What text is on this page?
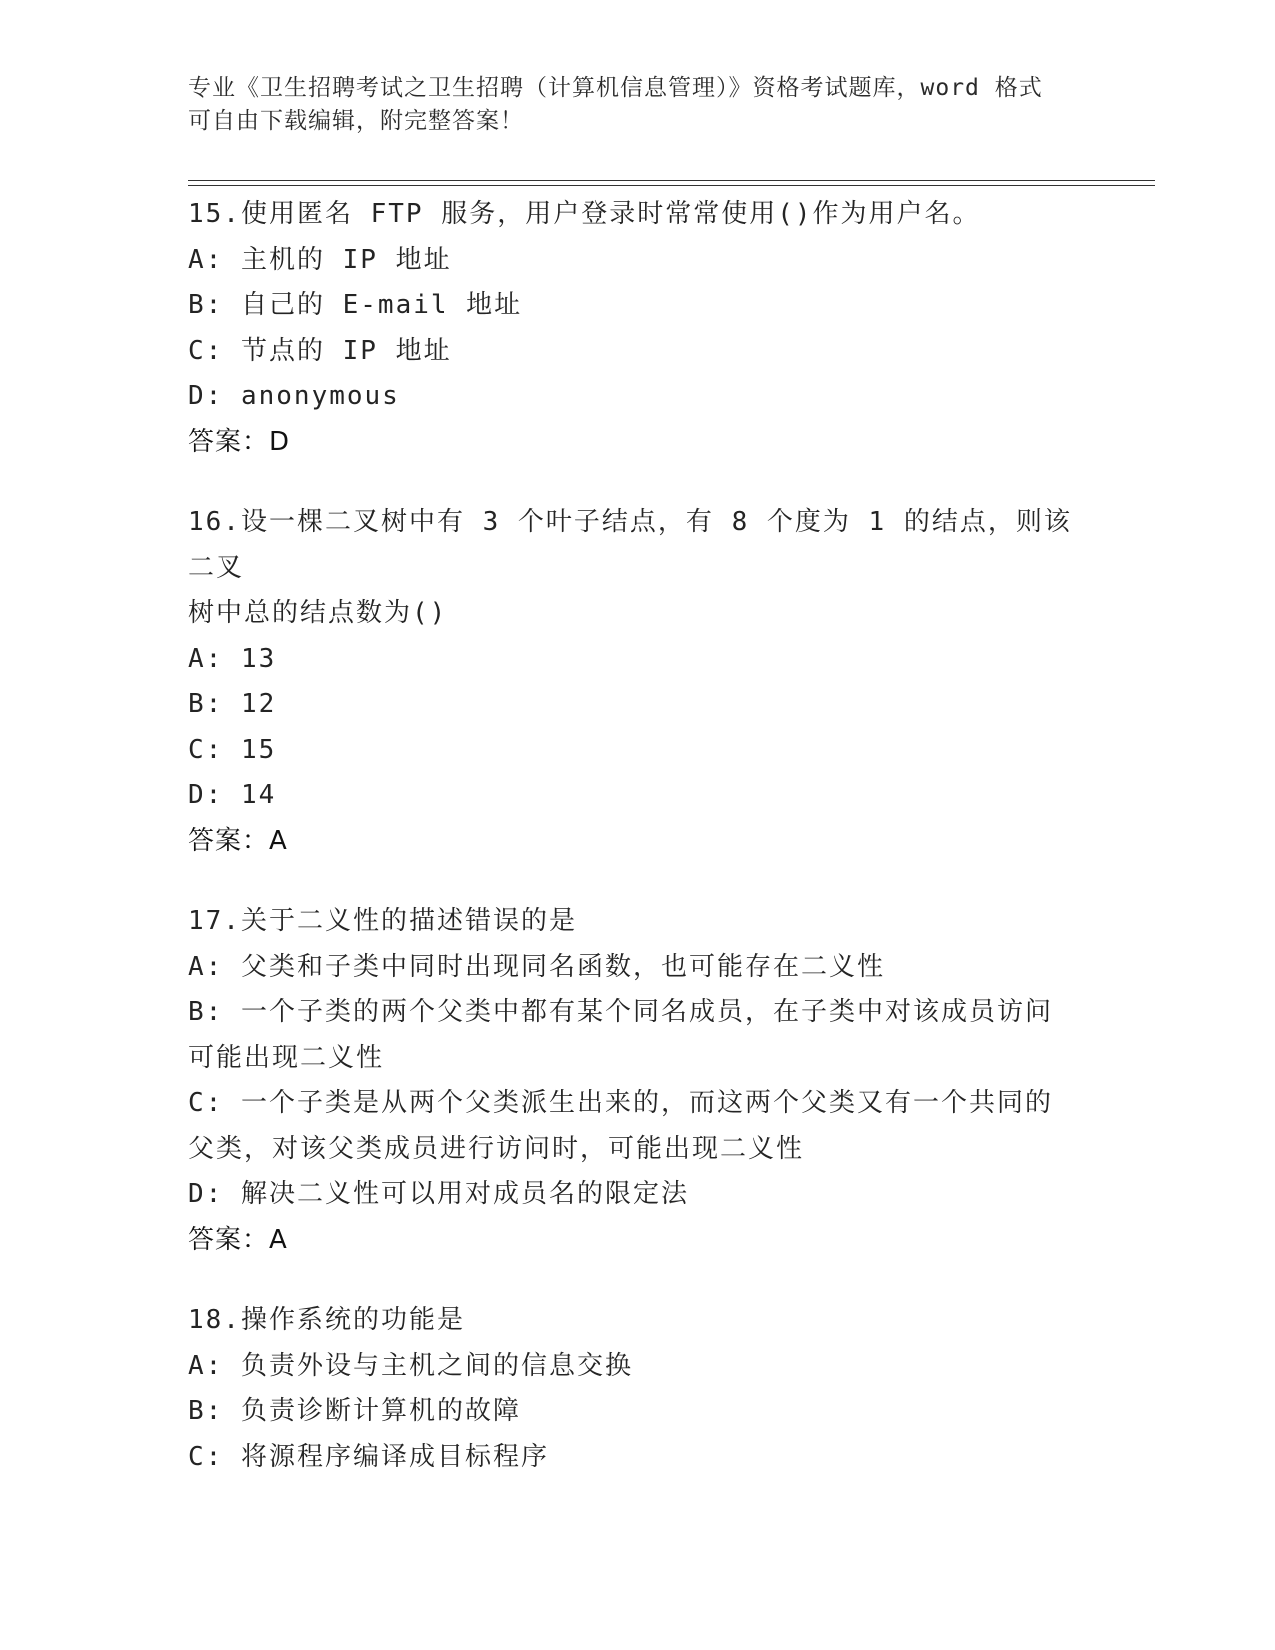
专业《卫生招聘考试之卫生招聘（计算机信息管理）》资格考试题库，word 格式
可自由下载编辑，附完整答案！
15.使用匿名 FTP 服务，用户登录时常常使用()作为用户名。
A: 主机的 IP 地址
B: 自己的 E-mail 地址
C: 节点的 IP 地址
D: anonymous
答案：D
16.设一棵二叉树中有 3 个叶子结点，有 8 个度为 1 的结点，则该二叉
树中总的结点数为()
A: 13
B: 12
C: 15
D: 14
答案：A
17.关于二义性的描述错误的是
A: 父类和子类中同时出现同名函数，也可能存在二义性
B: 一个子类的两个父类中都有某个同名成员，在子类中对该成员访问
可能出现二义性
C: 一个子类是从两个父类派生出来的，而这两个父类又有一个共同的
父类，对该父类成员进行访问时，可能出现二义性
D: 解决二义性可以用对成员名的限定法
答案：A
18.操作系统的功能是
A: 负责外设与主机之间的信息交换
B: 负责诊断计算机的故障
C: 将源程序编译成目标程序
